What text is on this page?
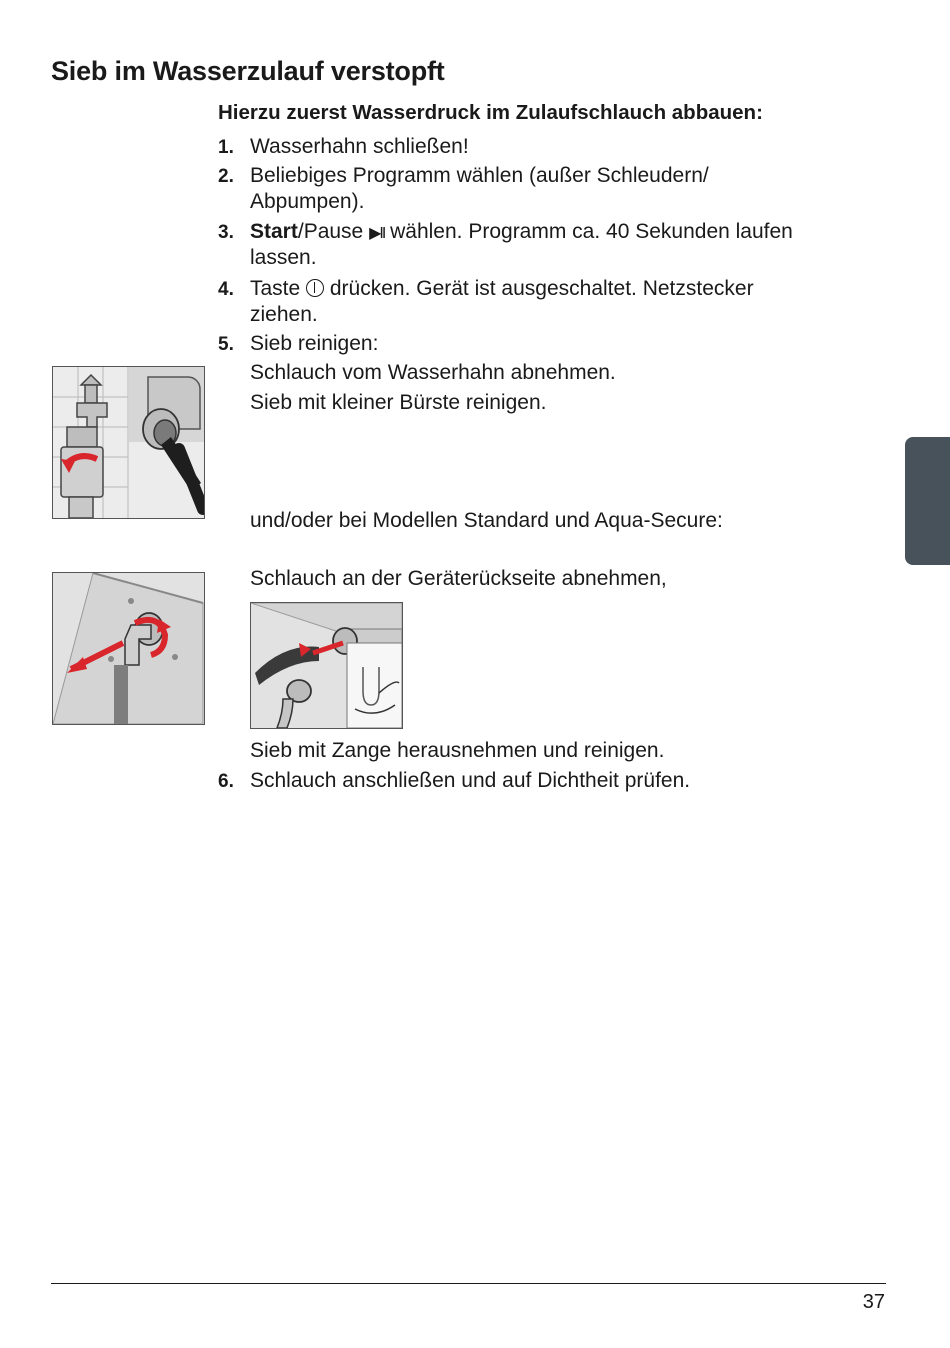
Sieb im Wasserzulauf verstopft

Hierzu zuerst Wasserdruck im Zulaufschlauch abbauen:

1. Wasserhahn schließen!

2. Beliebiges Programm wählen (außer Schleudern/

Abpumpen).

3. Start/Pause ▶II wählen. Programm ca. 40 Sekunden laufen

lassen.

4. Taste  drücken. Gerät ist ausgeschaltet. Netzstecker

ziehen.

5. Sieb reinigen:

Schlauch vom Wasserhahn abnehmen.

Sieb mit kleiner Bürste reinigen.

und/oder bei Modellen Standard und Aqua-Secure:

Schlauch an der Geräterückseite abnehmen,

Sieb mit Zange herausnehmen und reinigen.

6. Schlauch anschließen und auf Dichtheit prüfen.

37
